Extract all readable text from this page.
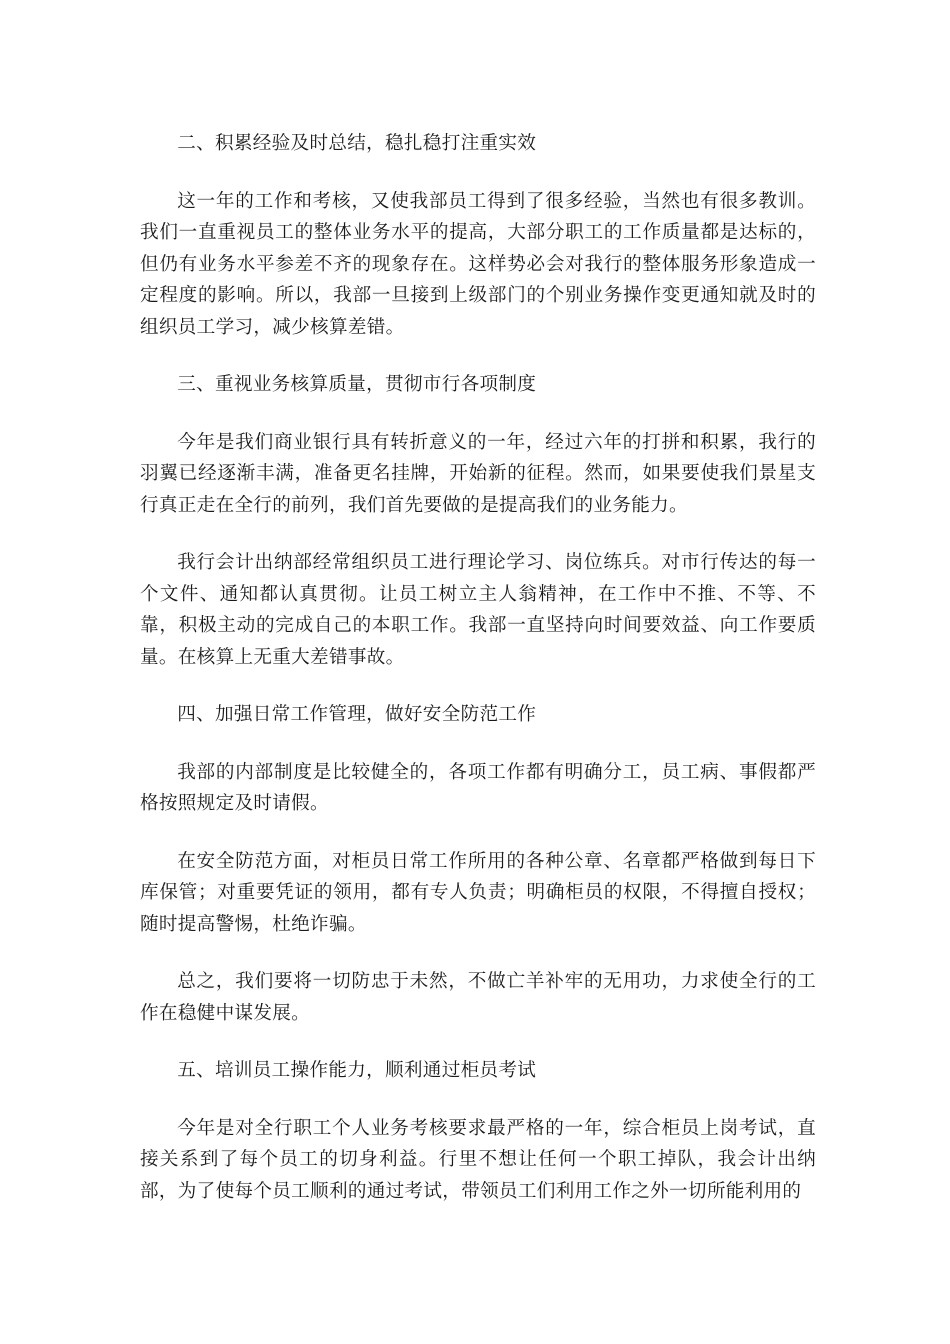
二、积累经验及时总结，稳扎稳打注重实效

这一年的工作和考核，又使我部员工得到了很多经验，当然也有很多教训。我们一直重视员工的整体业务水平的提高，大部分职工的工作质量都是达标的，但仍有业务水平参差不齐的现象存在。这样势必会对我行的整体服务形象造成一定程度的影响。所以，我部一旦接到上级部门的个别业务操作变更通知就及时的组织员工学习，减少核算差错。

三、重视业务核算质量，贯彻市行各项制度

今年是我们商业银行具有转折意义的一年，经过六年的打拼和积累，我行的羽翼已经逐渐丰满，准备更名挂牌，开始新的征程。然而，如果要使我们景星支行真正走在全行的前列，我们首先要做的是提高我们的业务能力。

我行会计出纳部经常组织员工进行理论学习、岗位练兵。对市行传达的每一个文件、通知都认真贯彻。让员工树立主人翁精神，在工作中不推、不等、不靠，积极主动的完成自己的本职工作。我部一直坚持向时间要效益、向工作要质量。在核算上无重大差错事故。

四、加强日常工作管理，做好安全防范工作

我部的内部制度是比较健全的，各项工作都有明确分工，员工病、事假都严格按照规定及时请假。

在安全防范方面，对柜员日常工作所用的各种公章、名章都严格做到每日下库保管；对重要凭证的领用，都有专人负责；明确柜员的权限，不得擅自授权；随时提高警惕，杜绝诈骗。

总之，我们要将一切防忠于未然，不做亡羊补牢的无用功，力求使全行的工作在稳健中谋发展。

五、培训员工操作能力，顺利通过柜员考试

今年是对全行职工个人业务考核要求最严格的一年，综合柜员上岗考试，直接关系到了每个员工的切身利益。行里不想让任何一个职工掉队，我会计出纳部，为了使每个员工顺利的通过考试，带领员工们利用工作之外一切所能利用的
